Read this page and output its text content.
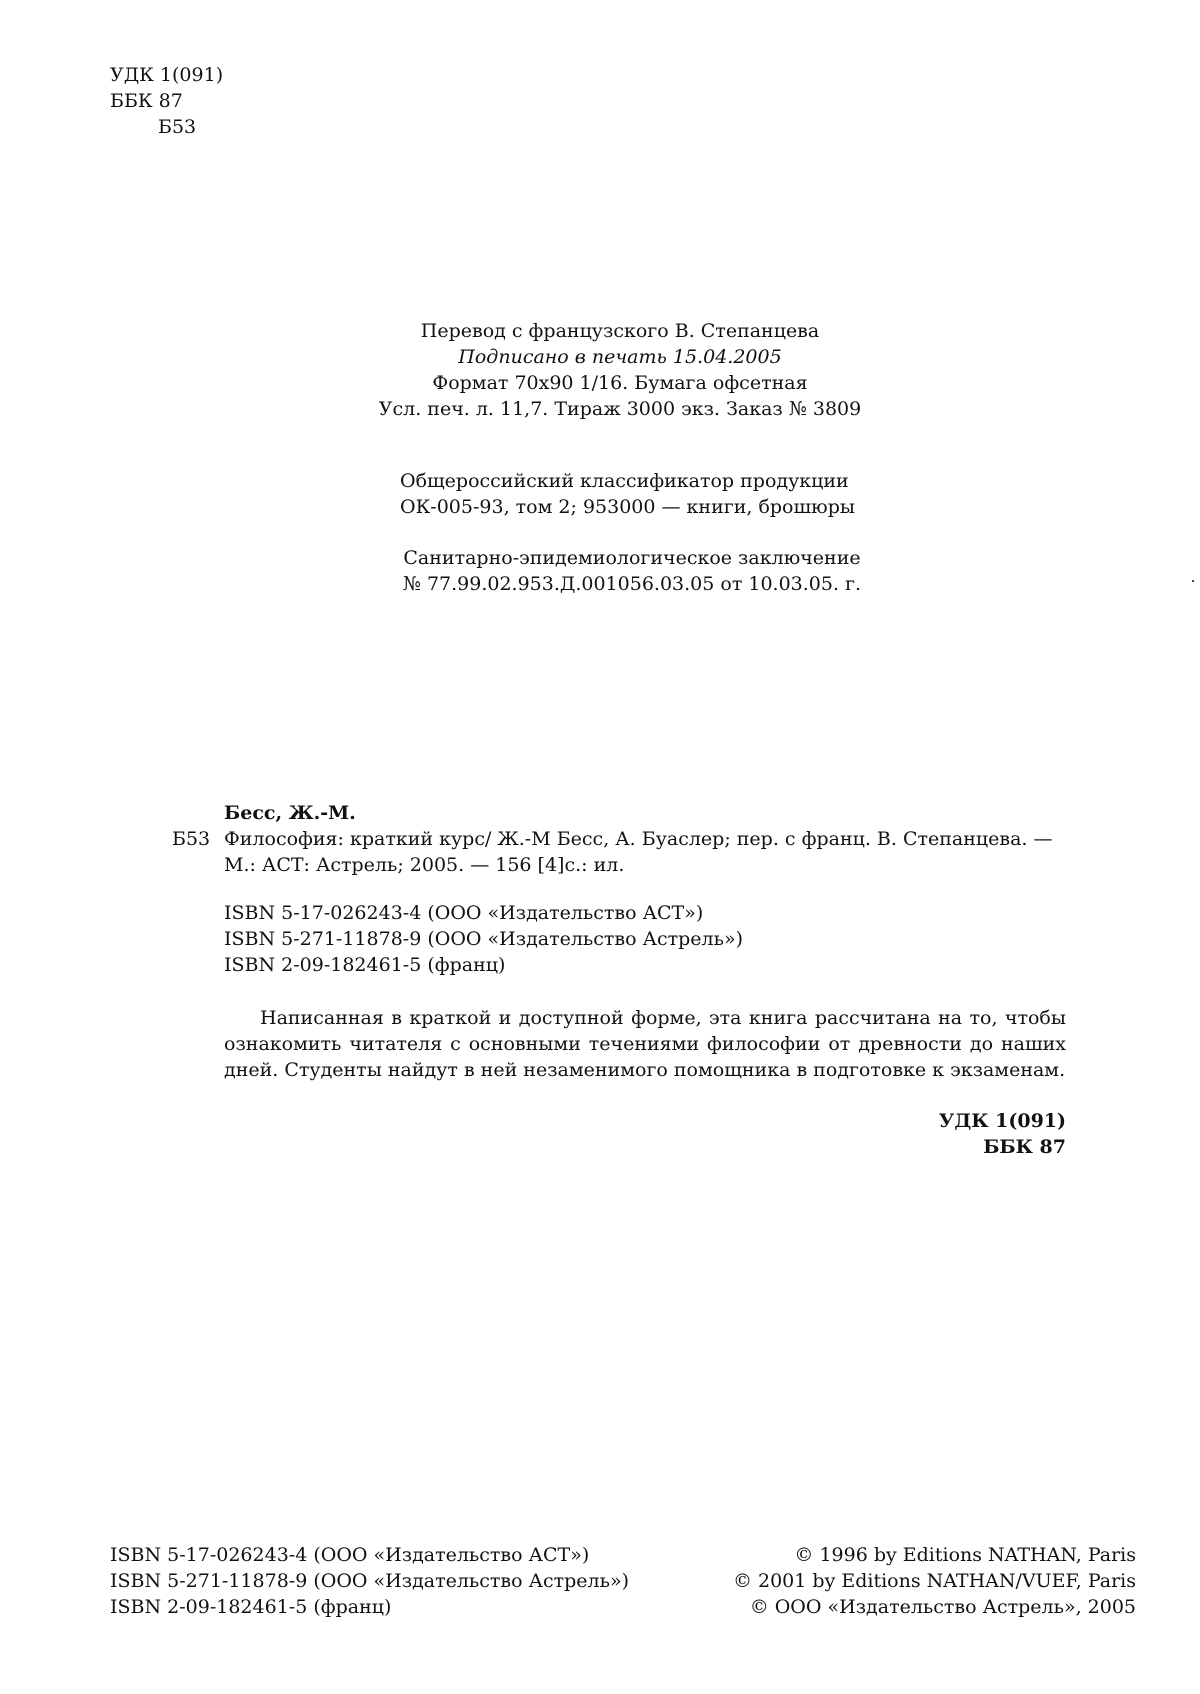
УДК 1(091)
ББК 87
Б53
Перевод с французского В. Степанцева
Подписано в печать 15.04.2005
Формат 70x90 1/16. Бумага офсетная
Усл. печ. л. 11,7. Тираж 3000 экз. Заказ № 3809
Общероссийский классификатор продукции
ОК-005-93, том 2; 953000 — книги, брошюры
Санитарно-эпидемиологическое заключение
№ 77.99.02.953.Д.001056.03.05 от 10.03.05. г.
Бесс, Ж.-М.
Б53 Философия: краткий курс/ Ж.-М Бесс, А. Буаслер; пер. с франц. В. Степанцева. —
М.: АСТ: Астрель; 2005. — 156 [4]с.: ил.
ISBN 5-17-026243-4 (ООО «Издательство АСТ»)
ISBN 5-271-11878-9 (ООО «Издательство Астрель»)
ISBN 2-09-182461-5 (франц)

Написанная в краткой и доступной форме, эта книга рассчитана на то, чтобы ознакомить читателя с основными течениями философии от древности до наших дней. Студенты найдут в ней незаменимого помощника в подготовке к экзаменам.

УДК 1(091)
ББК 87
ISBN 5-17-026243-4 (ООО «Издательство АСТ»)
ISBN 5-271-11878-9 (ООО «Издательство Астрель»)
ISBN 2-09-182461-5 (франц)
© 1996 by Editions NATHAN, Paris
© 2001 by Editions NATHAN/VUEF, Paris
© ООО «Издательство Астрель», 2005
